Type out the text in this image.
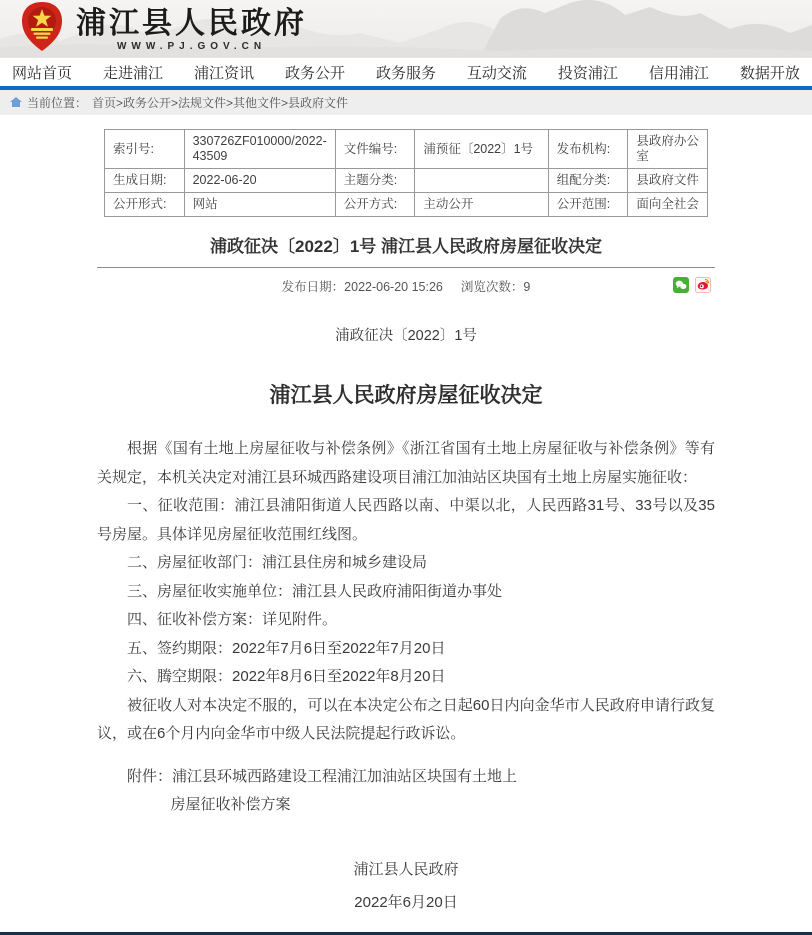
浦江县人民政府
WWW.PJ.GOV.CN
网站首页 走进浦江 浦江资讯 政务公开 政务服务 互动交流 投资浦江 信用浦江 数据开放
当前位置： 首页>政务公开>法规文件>其他文件>县政府文件
索引号:	330726ZF010000/2022-43509	文件编号:	浦预征〔2022〕1号	发布机构:	县政府办公室
生成日期:	2022-06-20	主题分类:		组配分类:	县政府文件
公开形式:	网站	公开方式:	主动公开	公开范围:	面向全社会
浦政征决〔2022〕1号 浦江县人民政府房屋征收决定
发布日期：2022-06-20 15:26 浏览次数：9
浦政征决〔2022〕1号
浦江县人民政府房屋征收决定

根据《国有土地上房屋征收与补偿条例》《浙江省国有土地上房屋征收与补偿条例》等有关规定，本机关决定对浦江县环城西路建设项目浦江加油站区块国有土地上房屋实施征收：

一、征收范围：浦江县浦阳街道人民西路以南、中渠以北，人民西路31号、33号以及35号房屋。具体详见房屋征收范围红线图。

二、房屋征收部门：浦江县住房和城乡建设局

三、房屋征收实施单位：浦江县人民政府浦阳街道办事处

四、征收补偿方案：详见附件。

五、签约期限：2022年7月6日至2022年7月20日

六、腾空期限：2022年8月6日至2022年8月20日

被征收人对本决定不服的，可以在本决定公布之日起60日内向金华市人民政府申请行政复议，或在6个月内向金华市中级人民法院提起行政诉讼。

附件：浦江县环城西路建设工程浦江加油站区块国有土地上

房屋征收补偿方案

浦江县人民政府
2022年6月20日
